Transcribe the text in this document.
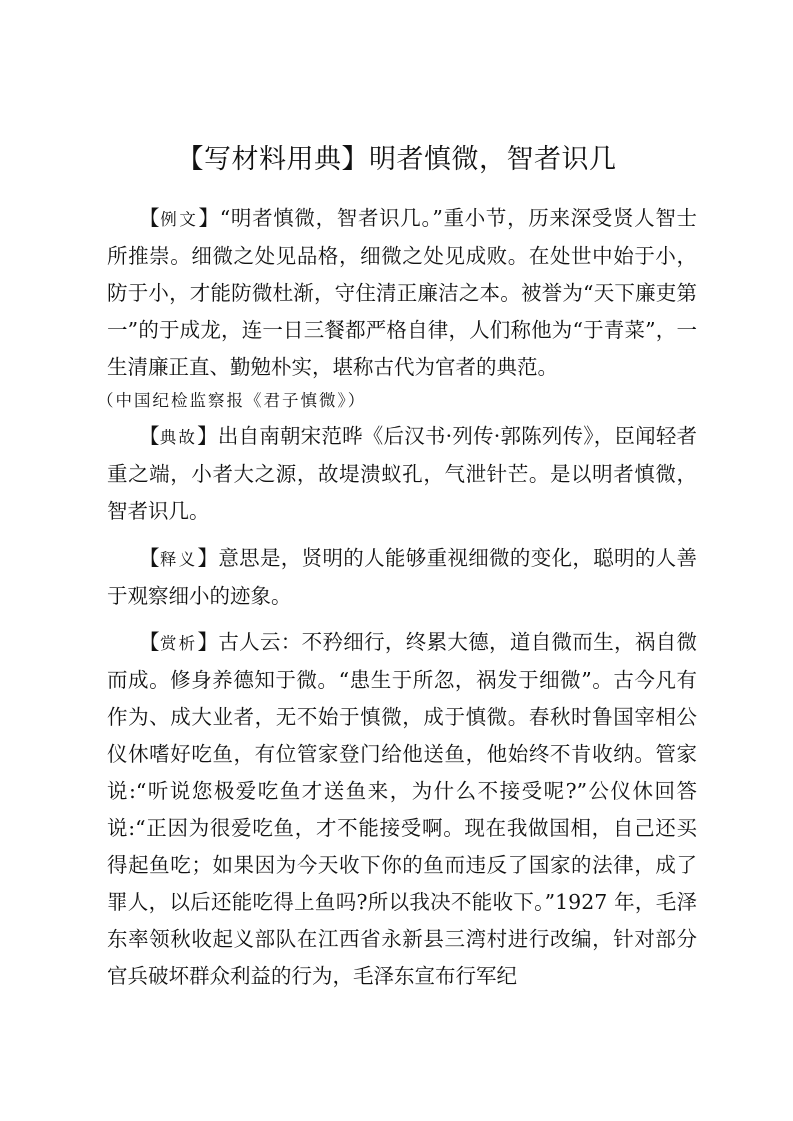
【写材料用典】明者慎微，智者识几
【例文】“明者慎微，智者识几。”重小节，历来深受贤人智士所推崇。细微之处见品格，细微之处见成败。在处世中始于小，防于小，才能防微杜渐，守住清正廉洁之本。被誉为“天下廉吏第一”的于成龙，连一日三餐都严格自律，人们称他为“于青菜”，一生清廉正直、勤勉朴实，堪称古代为官者的典范。
（中国纪检监察报《君子慎微》）
【典故】出自南朝宋范晔《后汉书·列传·郭陈列传》，臣闻轻者重之端，小者大之源，故堤溃蚁孔，气泄针芒。是以明者慎微，智者识几。
【释义】意思是，贤明的人能够重视细微的变化，聪明的人善于观察细小的迹象。
【赏析】古人云：不矜细行，终累大德，道自微而生，祸自微而成。修身养德知于微。“患生于所忽，祸发于细微”。古今凡有作为、成大业者，无不始于慎微，成于慎微。春秋时鲁国宰相公仪休嗜好吃鱼，有位管家登门给他送鱼，他始终不肯收纳。管家说:“听说您极爱吃鱼才送鱼来，为什么不接受呢?”公仪休回答说:“正因为很爱吃鱼，才不能接受啊。现在我做国相，自己还买得起鱼吃；如果因为今天收下你的鱼而违反了国家的法律，成了罪人，以后还能吃得上鱼吗?所以我决不能收下。”1927 年，毛泽东率领秋收起义部队在江西省永新县三湾村进行改编，针对部分官兵破坏群众利益的行为，毛泽东宣布行军纪
